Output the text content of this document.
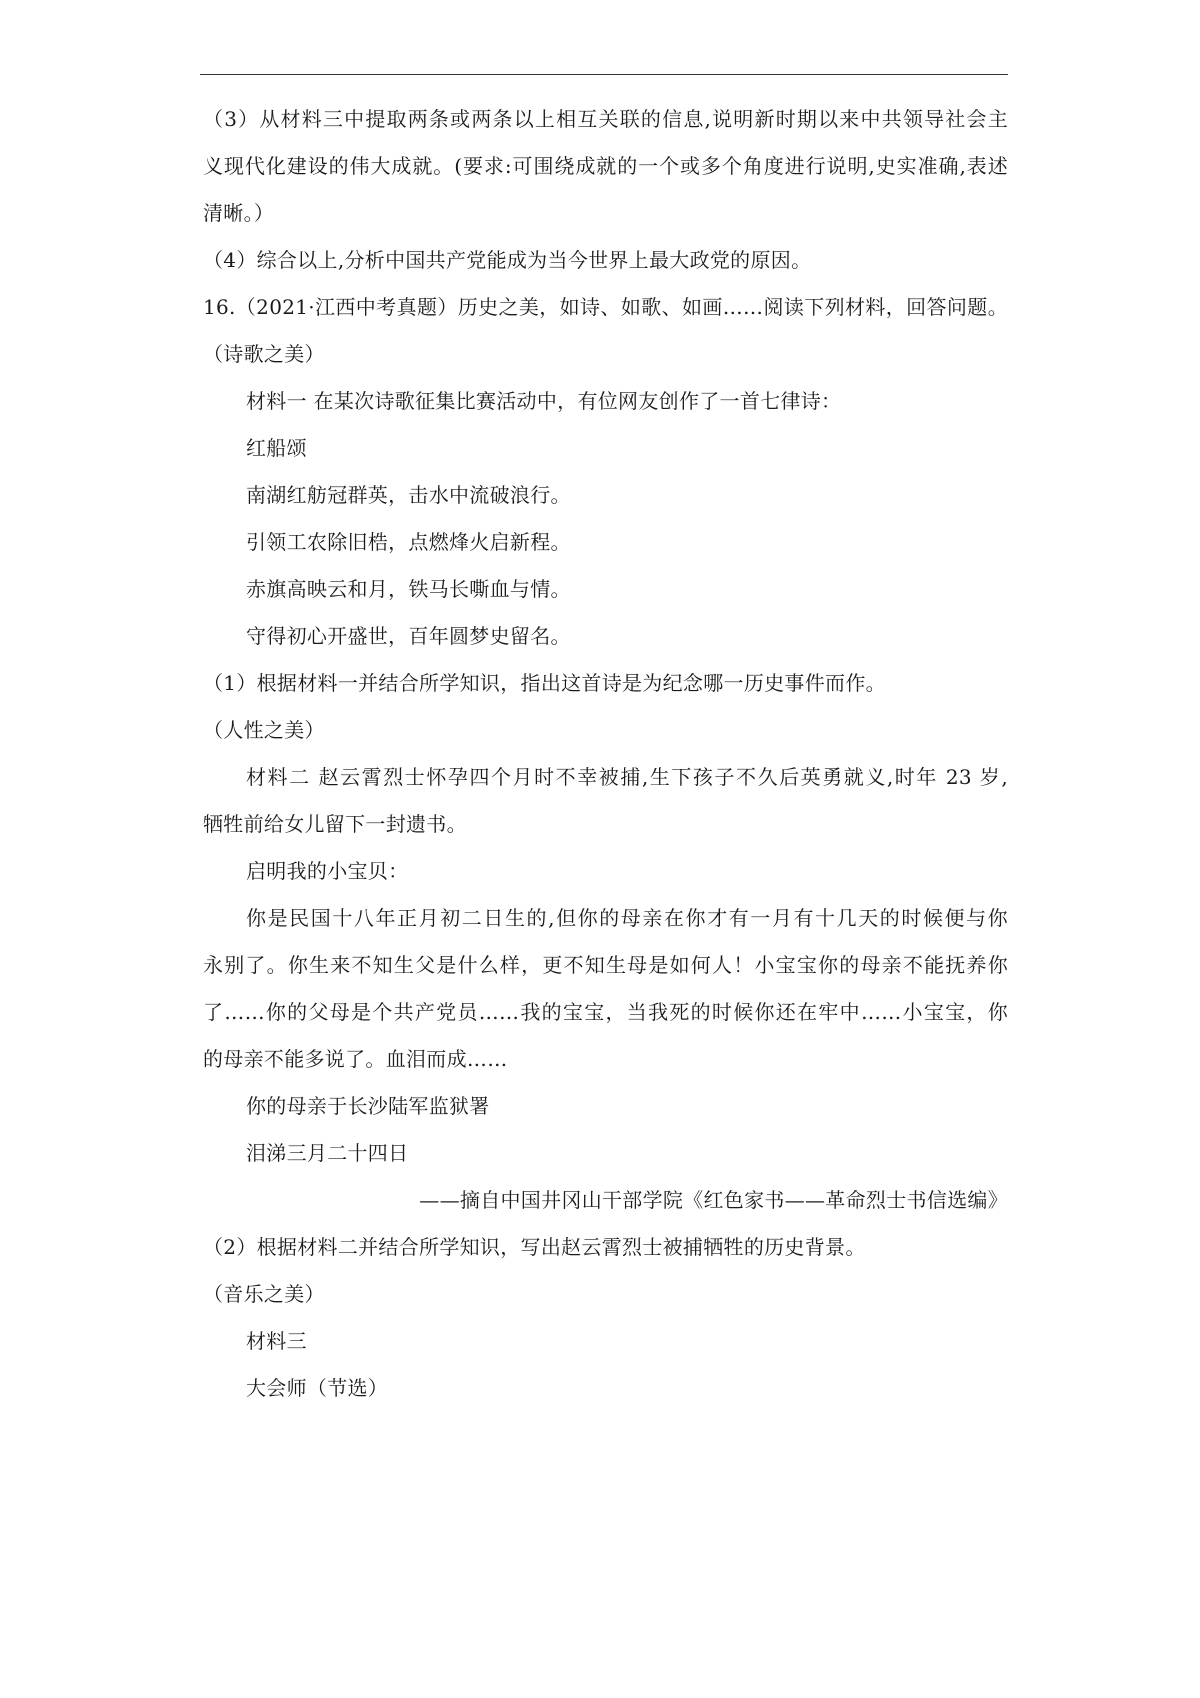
（3）从材料三中提取两条或两条以上相互关联的信息,说明新时期以来中共领导社会主
义现代化建设的伟大成就。(要求:可围绕成就的一个或多个角度进行说明,史实准确,表述
清晰。）
（4）综合以上,分析中国共产党能成为当今世界上最大政党的原因。
16.（2021·江西中考真题）历史之美，如诗、如歌、如画……阅读下列材料，回答问题。
（诗歌之美）
材料一 在某次诗歌征集比赛活动中，有位网友创作了一首七律诗：
红船颂
南湖红舫冠群英，击水中流破浪行。
引领工农除旧梏，点燃烽火启新程。
赤旗高映云和月，铁马长嘶血与情。
守得初心开盛世，百年圆梦史留名。
（1）根据材料一并结合所学知识，指出这首诗是为纪念哪一历史事件而作。
（人性之美）
材料二 赵云霄烈士怀孕四个月时不幸被捕,生下孩子不久后英勇就义,时年 23 岁,
牺牲前给女儿留下一封遗书。
启明我的小宝贝：
你是民国十八年正月初二日生的,但你的母亲在你才有一月有十几天的时候便与你
永别了。你生来不知生父是什么样，更不知生母是如何人！小宝宝你的母亲不能抚养你
了……你的父母是个共产党员……我的宝宝，当我死的时候你还在牢中……小宝宝，你
的母亲不能多说了。血泪而成……
你的母亲于长沙陆军监狱署
泪涕三月二十四日
——摘自中国井冈山干部学院《红色家书——革命烈士书信选编》
（2）根据材料二并结合所学知识，写出赵云霄烈士被捕牺牲的历史背景。
（音乐之美）
材料三
大会师（节选）
